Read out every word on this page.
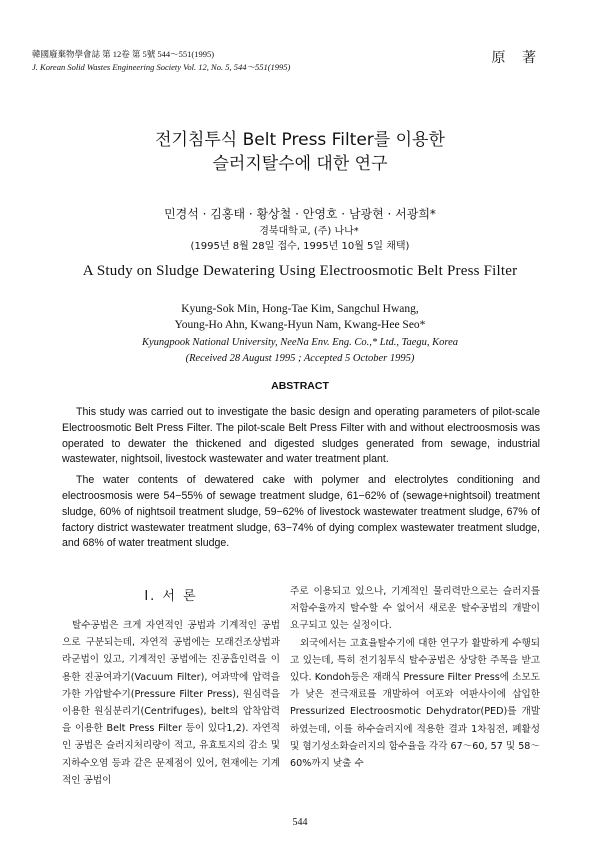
韓國廢棄物學會誌 第 12卷 第 5號 544～551(1995)
J. Korean Solid Wastes Engineering Society Vol. 12, No. 5, 544～551(1995)
原 著
전기침투식 Belt Press Filter를 이용한
슬러지탈수에 대한 연구
민경석 · 김홍태 · 황상철 · 안영호 · 남광현 · 서광희*
경북대학교, (주) 나나*
(1995년 8월 28일 접수, 1995년 10월 5일 채택)
A Study on Sludge Dewatering Using Electroosmotic Belt Press Filter
Kyung-Sok Min, Hong-Tae Kim, Sangchul Hwang,
Young-Ho Ahn, Kwang-Hyun Nam, Kwang-Hee Seo*
Kyungpook National University, NeeNa Env. Eng. Co.,* Ltd., Taegu, Korea
(Received 28 August 1995 ; Accepted 5 October 1995)
ABSTRACT

This study was carried out to investigate the basic design and operating parameters of pilot-scale Electroosmotic Belt Press Filter. The pilot-scale Belt Press Filter with and without electroosmosis was operated to dewater the thickened and digested sludges generated from sewage, industrial wastewater, nightsoil, livestock wastewater and water treatment plant.

The water contents of dewatered cake with polymer and electrolytes conditioning and electroosmosis were 54−55% of sewage treatment sludge, 61−62% of (sewage+nightsoil) treatment sludge, 60% of nightsoil treatment sludge, 59−62% of livestock wastewater treatment sludge, 67% of factory district wastewater treatment sludge, 63−74% of dying complex wastewater treatment sludge, and 68% of water treatment sludge.

Ⅰ. 서 론

탈수공법은 크게 자연적인 공법과 기계적인 공법으로 구분되는데, 자연적 공법에는 모래건조상법과 라군법이 있고, 기계적인 공법에는 진공흡인력을 이용한 진공여과기(Vacuum Filter), 여과막에 압력을 가한 가압탈수기(Pressure Filter Press), 원심력을 이용한 원심분리기(Centrifuges), belt의 압착압력을 이용한 Belt Press Filter 등이 있다1,2). 자연적인 공법은 슬러지처리량이 적고, 유효토지의 감소 및 지하수오염 등과 같은 문제점이 있어, 현재에는 기계적인 공법이

주로 이용되고 있으나, 기계적인 물리력만으로는 슬러지를 저함수율까지 탈수할 수 없어서 새로운 탈수공법의 개발이 요구되고 있는 실정이다.

외국에서는 고효율탈수기에 대한 연구가 활발하게 수행되고 있는데, 특히 전기침투식 탈수공법은 상당한 주목을 받고 있다. Kondoh등은 재래식 Pressure Filter Press에 소모도가 낮은 전극재료를 개발하여 여포와 여판사이에 삽입한 Pressurized Electroosmotic Dehydrator(PED)를 개발하였는데, 이를 하수슬러지에 적용한 결과 1차침전, 폐활성 및 혐기성소화슬러지의 함수율을 각각 67～60, 57 및 58～60%까지 낮출 수

544
